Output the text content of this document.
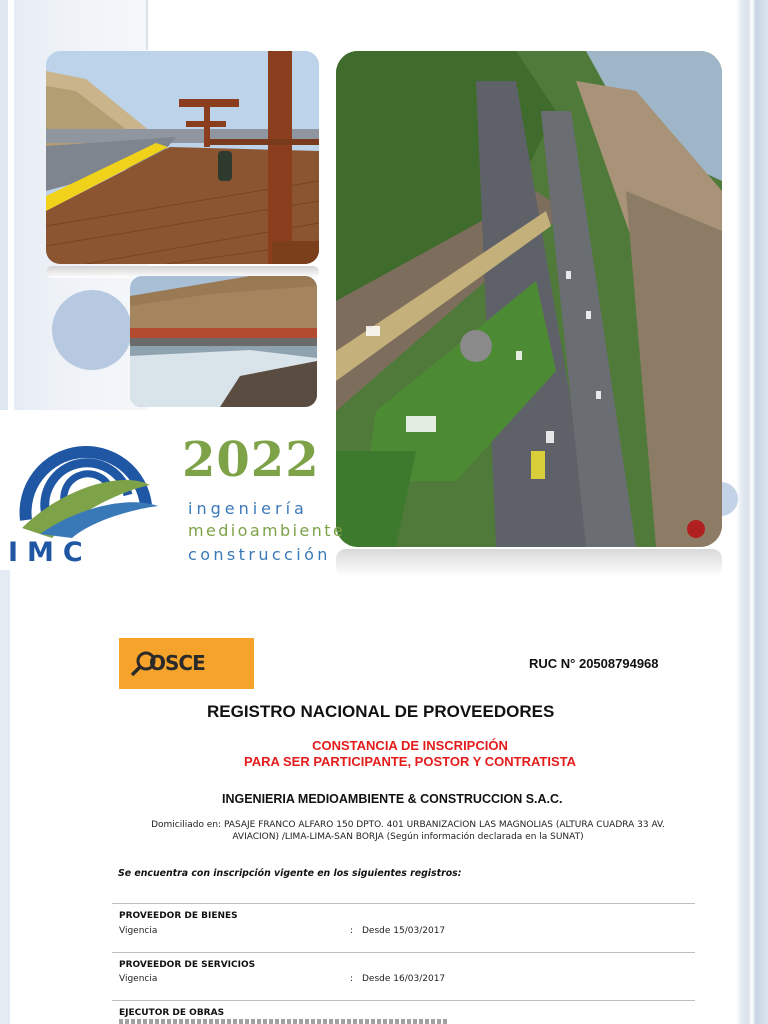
IMC
2022
ingeniería
medioambiente
construcción
OSCE	RUC N° 20508794968
REGISTRO NACIONAL DE PROVEEDORES
CONSTANCIA DE INSCRIPCIÓN
PARA SER PARTICIPANTE, POSTOR Y CONTRATISTA
INGENIERIA MEDIOAMBIENTE & CONSTRUCCION S.A.C.
Domiciliado en: PASAJE FRANCO ALFARO 150 DPTO. 401 URBANIZACION LAS MAGNOLIAS (ALTURA CUADRA 33 AV. AVIACION) /LIMA-LIMA-SAN BORJA (Según información declarada en la SUNAT)
Se encuentra con inscripción vigente en los siguientes registros:
PROVEEDOR DE BIENES
Vigencia	: Desde 15/03/2017
PROVEEDOR DE SERVICIOS
Vigencia	: Desde 16/03/2017
EJECUTOR DE OBRAS
